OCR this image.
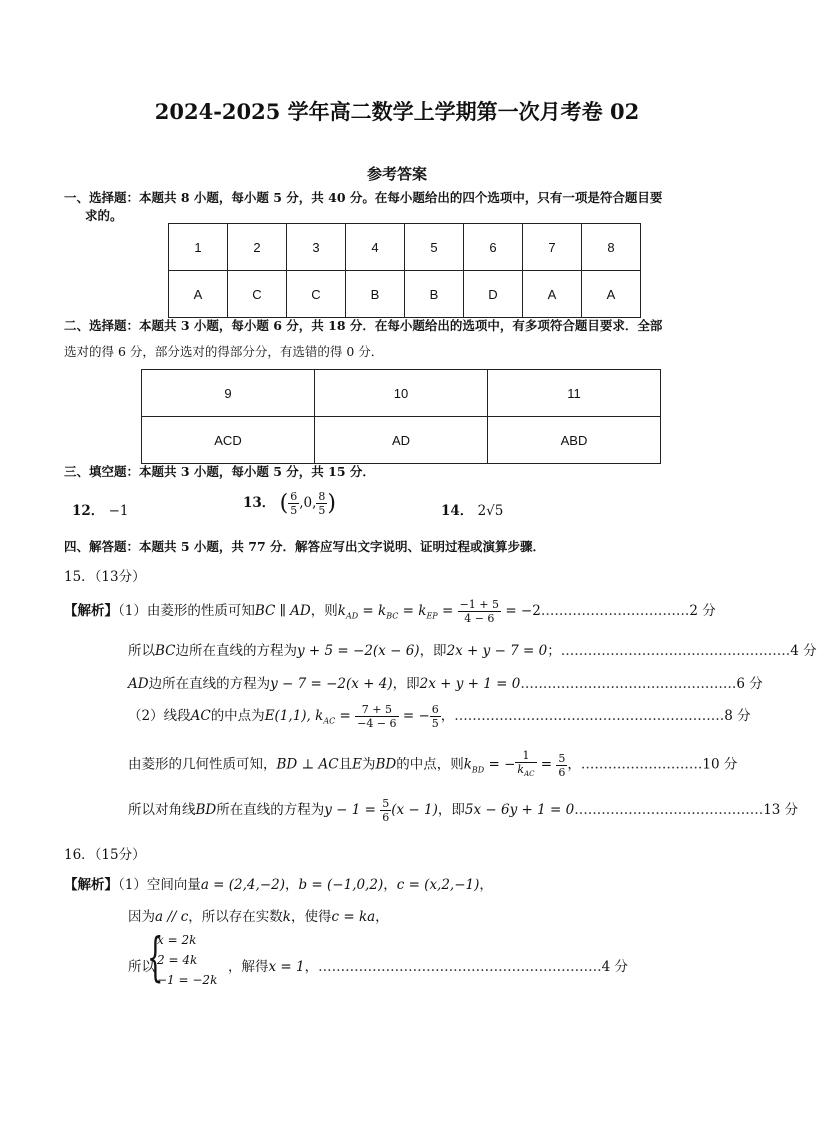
2024-2025 学年高二数学上学期第一次月考卷 02
参考答案
一、选择题：本题共 8 小题，每小题 5 分，共 40 分。在每小题给出的四个选项中，只有一项是符合题目要
求的。
1	2	3	4	5	6	7	8
A	C	C	B	B	D	A	A
二、选择题：本题共 3 小题，每小题 6 分，共 18 分．在每小题给出的选项中，有多项符合题目要求．全部
选对的得 6 分，部分选对的得部分分，有选错的得 0 分．
9	10	11
ACD	AD	ABD
三、填空题：本题共 3 小题，每小题 5 分，共 15 分．
12． −1	13． ( $\frac{6}{5} ,0$, $\frac{8}{5}$ )	14． 2√5
四、解答题：本题共 5 小题，共 77 分．解答应写出文字说明、证明过程或演算步骤．
15．（13分）
【解析】（1）由菱形的性质可知BC ∥ AD，则$k_{AD} = k_{BC} = k_{EP} = \frac{-1 + 5}{4 - 6}$ = −2……………………………2 分
所以BC边所在直线的方程为y + 5 = −2(x − 6)，即2x + y − 7 = 0；……………………………………………4 分
AD边所在直线的方程为y − 7 = −2(x + 4)，即2x + y + 1 = 0…………………………………………6 分
（2）线段AC的中点为E(1,1), $k_{AC} = \frac{7 + 5}{-4 - 6}$ = − $\frac{6}{5}$ ，……………………………………………………8 分
由菱形的几何性质可知，BD ⊥ AC且E为BD的中点，则$k_{BD}$ = − $\frac{1}{k_{AC}} = \frac{5}{6}$ ，………………………10 分
所以对角线BD所在直线的方程为$y - 1 = \frac{5}{6} (x - 1)$，即5x − 6y + 1 = 0……………………………………13 分
16．（15分）
【解析】（1）空间向量a = (2,4,−2)，b = (−1,0,2)，c = (x,2,−1)，
因为a // c，所以存在实数k，使得c = ka，
所以
{
x = 2k
2 = 4k
−1 = −2k
，解得x = 1，………………………………………………………4 分
